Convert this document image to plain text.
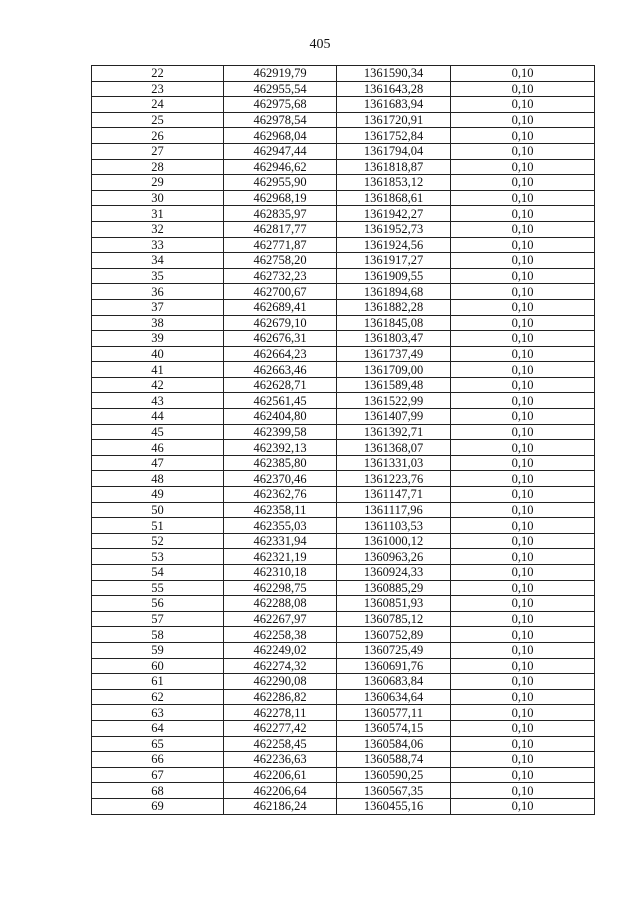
405
22	462919,79	1361590,34	0,10
23	462955,54	1361643,28	0,10
24	462975,68	1361683,94	0,10
25	462978,54	1361720,91	0,10
26	462968,04	1361752,84	0,10
27	462947,44	1361794,04	0,10
28	462946,62	1361818,87	0,10
29	462955,90	1361853,12	0,10
30	462968,19	1361868,61	0,10
31	462835,97	1361942,27	0,10
32	462817,77	1361952,73	0,10
33	462771,87	1361924,56	0,10
34	462758,20	1361917,27	0,10
35	462732,23	1361909,55	0,10
36	462700,67	1361894,68	0,10
37	462689,41	1361882,28	0,10
38	462679,10	1361845,08	0,10
39	462676,31	1361803,47	0,10
40	462664,23	1361737,49	0,10
41	462663,46	1361709,00	0,10
42	462628,71	1361589,48	0,10
43	462561,45	1361522,99	0,10
44	462404,80	1361407,99	0,10
45	462399,58	1361392,71	0,10
46	462392,13	1361368,07	0,10
47	462385,80	1361331,03	0,10
48	462370,46	1361223,76	0,10
49	462362,76	1361147,71	0,10
50	462358,11	1361117,96	0,10
51	462355,03	1361103,53	0,10
52	462331,94	1361000,12	0,10
53	462321,19	1360963,26	0,10
54	462310,18	1360924,33	0,10
55	462298,75	1360885,29	0,10
56	462288,08	1360851,93	0,10
57	462267,97	1360785,12	0,10
58	462258,38	1360752,89	0,10
59	462249,02	1360725,49	0,10
60	462274,32	1360691,76	0,10
61	462290,08	1360683,84	0,10
62	462286,82	1360634,64	0,10
63	462278,11	1360577,11	0,10
64	462277,42	1360574,15	0,10
65	462258,45	1360584,06	0,10
66	462236,63	1360588,74	0,10
67	462206,61	1360590,25	0,10
68	462206,64	1360567,35	0,10
69	462186,24	1360455,16	0,10
